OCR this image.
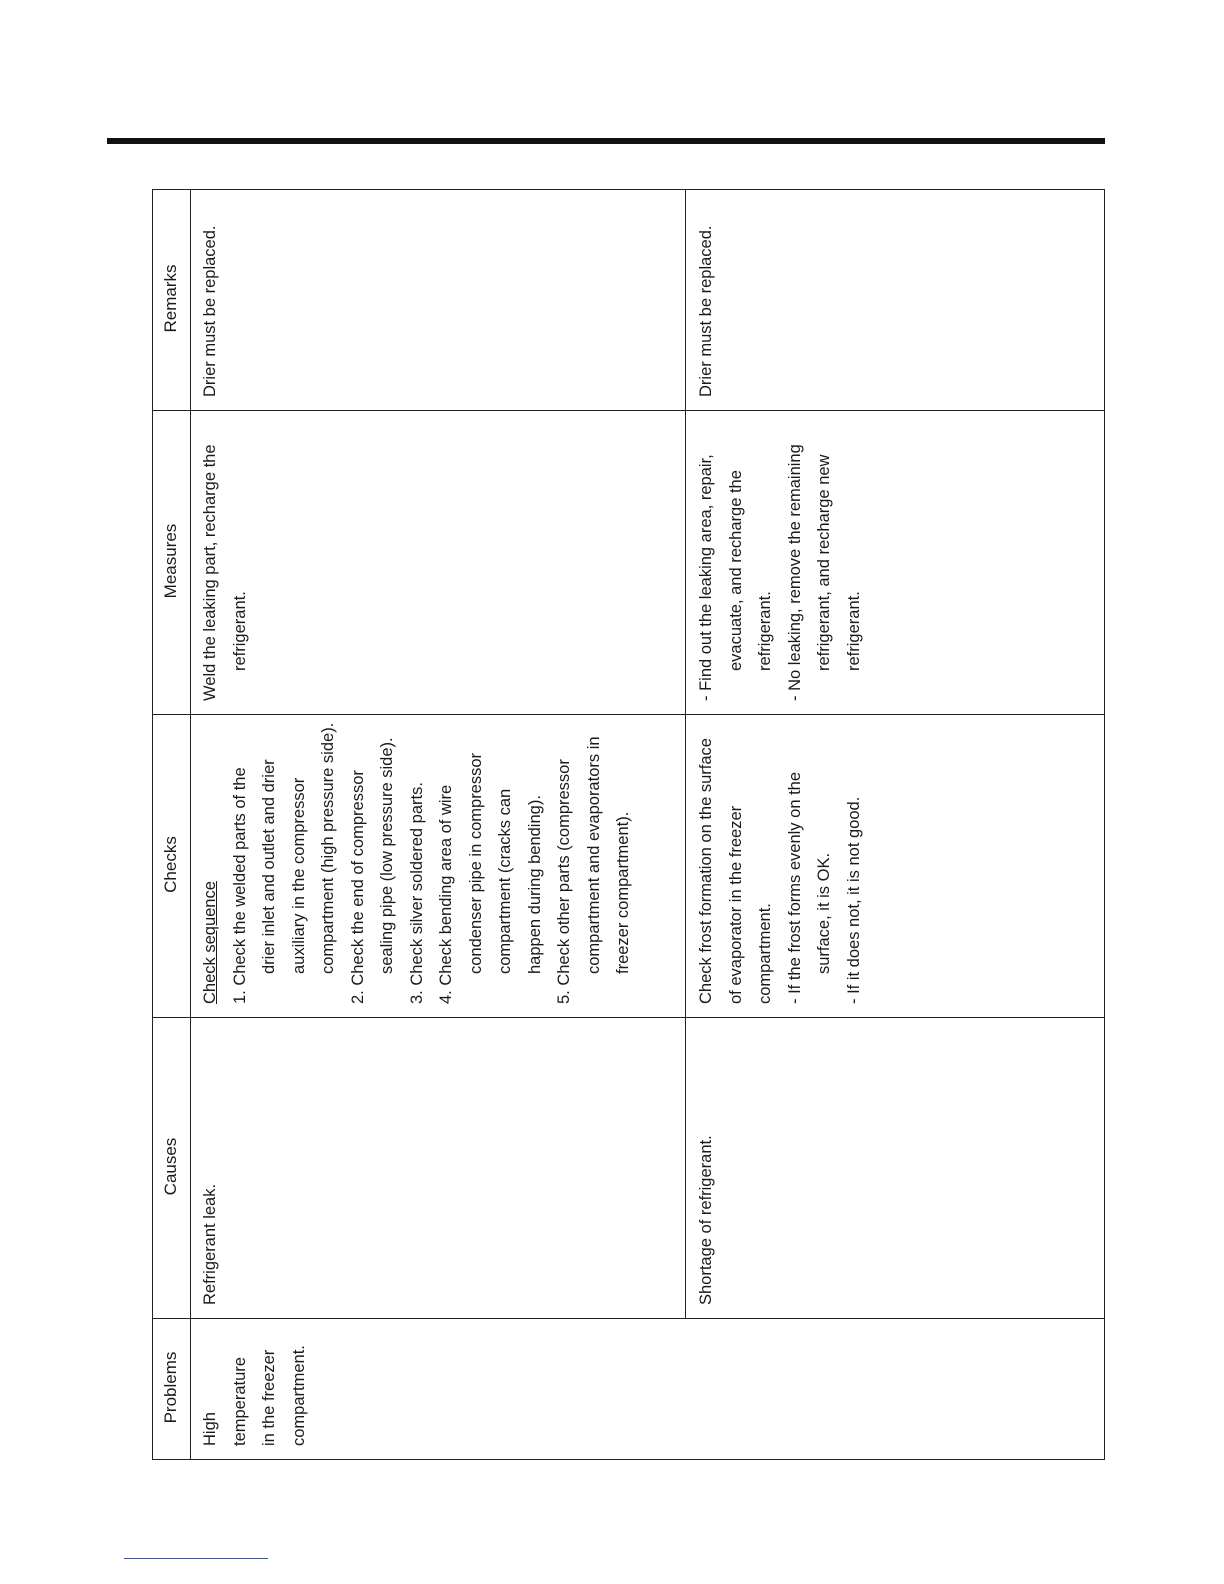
Problems
Causes
Checks
Measures
Remarks
High temperature in the freezer compartment.
Refrigerant leak.
Check sequence 1. Check the welded parts of the drier inlet and outlet and drier auxiliary in the compressor compartment (high pressure side). 2. Check the end of compressor sealing pipe (low pressure side). 3. Check silver soldered parts. 4. Check bending area of wire condenser pipe in compressor compartment (cracks can happen during bending). 5. Check other parts (compressor compartment and evaporators in freezer compartment).
Weld the leaking part, recharge the refrigerant.
Drier must be replaced.
Shortage of refrigerant.
Check frost formation on the surface of evaporator in the freezer compartment. - If the frost forms evenly on the surface, it is OK. - If it does not, it is not good.
- Find out the leaking area, repair, evacuate, and recharge the refrigerant. - No leaking, remove the remaining refrigerant, and recharge new refrigerant.
Drier must be replaced.
